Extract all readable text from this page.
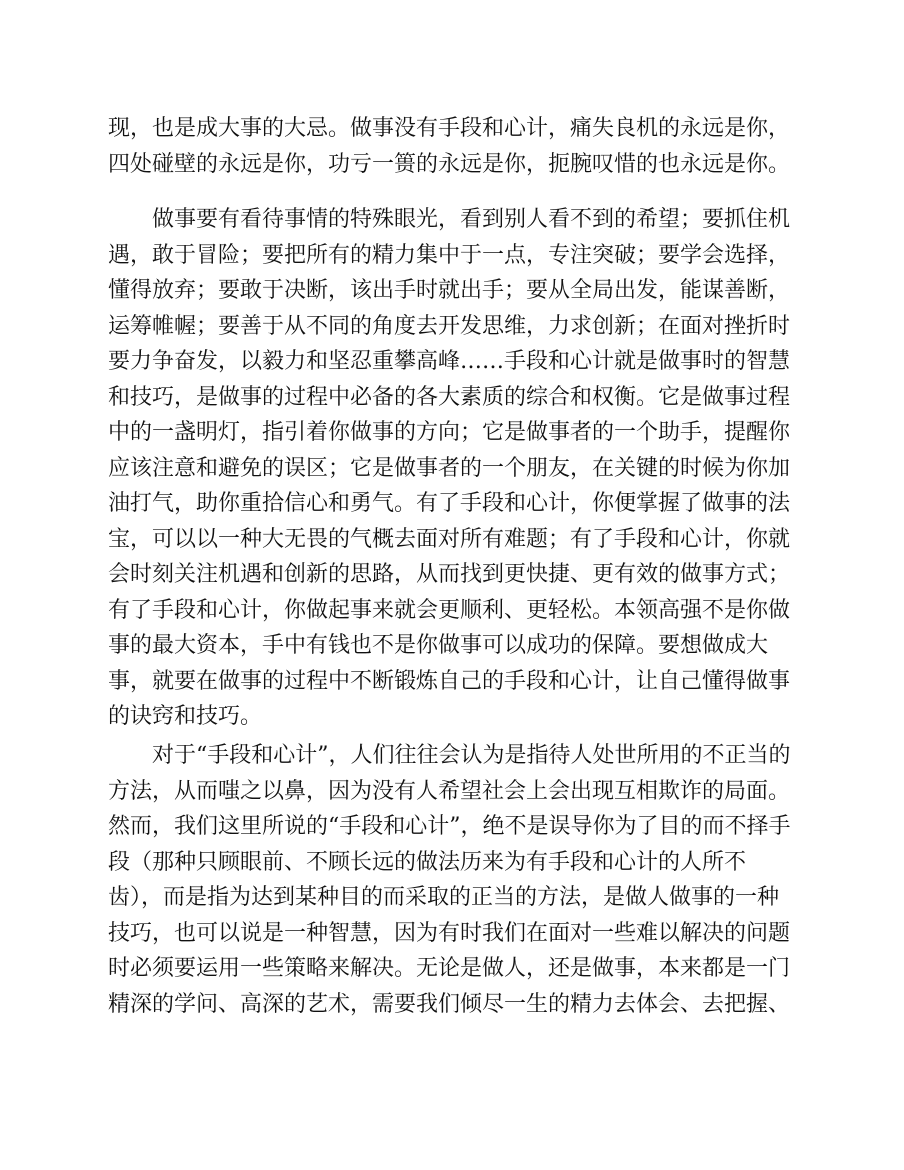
现，也是成大事的大忌。做事没有手段和心计，痛失良机的永远是你，
四处碰壁的永远是你，功亏一篑的永远是你，扼腕叹惜的也永远是你。
做事要有看待事情的特殊眼光，看到别人看不到的希望；要抓住机
遇，敢于冒险；要把所有的精力集中于一点，专注突破；要学会选择，
懂得放弃；要敢于决断，该出手时就出手；要从全局出发，能谋善断，
运筹帷幄；要善于从不同的角度去开发思维，力求创新；在面对挫折时
要力争奋发，以毅力和坚忍重攀高峰……手段和心计就是做事时的智慧
和技巧，是做事的过程中必备的各大素质的综合和权衡。它是做事过程
中的一盏明灯，指引着你做事的方向；它是做事者的一个助手，提醒你
应该注意和避免的误区；它是做事者的一个朋友，在关键的时候为你加
油打气，助你重拾信心和勇气。有了手段和心计，你便掌握了做事的法
宝，可以以一种大无畏的气概去面对所有难题；有了手段和心计，你就
会时刻关注机遇和创新的思路，从而找到更快捷、更有效的做事方式；
有了手段和心计，你做起事来就会更顺利、更轻松。本领高强不是你做
事的最大资本，手中有钱也不是你做事可以成功的保障。要想做成大
事，就要在做事的过程中不断锻炼自己的手段和心计，让自己懂得做事
的诀窍和技巧。
对于“手段和心计”，人们往往会认为是指待人处世所用的不正当的
方法，从而嗤之以鼻，因为没有人希望社会上会出现互相欺诈的局面。
然而，我们这里所说的“手段和心计”，绝不是误导你为了目的而不择手
段（那种只顾眼前、不顾长远的做法历来为有手段和心计的人所不
齿），而是指为达到某种目的而采取的正当的方法，是做人做事的一种
技巧，也可以说是一种智慧，因为有时我们在面对一些难以解决的问题
时必须要运用一些策略来解决。无论是做人，还是做事，本来都是一门
精深的学问、高深的艺术，需要我们倾尽一生的精力去体会、去把握、
